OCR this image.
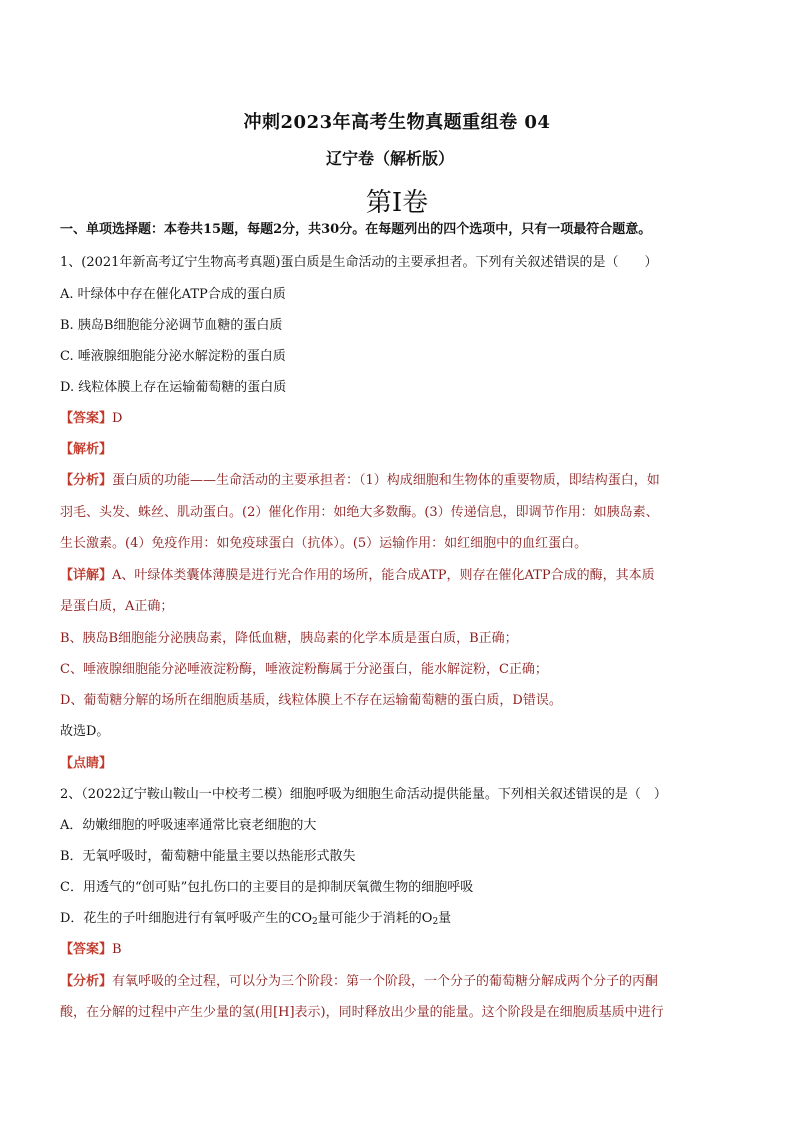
冲刺2023年高考生物真题重组卷 04
辽宁卷（解析版）
第I卷
一、单项选择题：本卷共15题，每题2分，共30分。在每题列出的四个选项中，只有一项最符合题意。
1、(2021年新高考辽宁生物高考真题)蛋白质是生命活动的主要承担者。下列有关叙述错误的是（　　）
A. 叶绿体中存在催化ATP合成的蛋白质
B. 胰岛B细胞能分泌调节血糖的蛋白质
C. 唾液腺细胞能分泌水解淀粉的蛋白质
D. 线粒体膜上存在运输葡萄糖的蛋白质
【答案】D
【解析】
【分析】蛋白质的功能——生命活动的主要承担者：（1）构成细胞和生物体的重要物质，即结构蛋白，如
羽毛、头发、蛛丝、肌动蛋白。(2）催化作用：如绝大多数酶。(3）传递信息，即调节作用：如胰岛素、
生长激素。(4）免疫作用：如免疫球蛋白（抗体）。(5）运输作用：如红细胞中的血红蛋白。
【详解】A、叶绿体类囊体薄膜是进行光合作用的场所，能合成ATP，则存在催化ATP合成的酶，其本质
是蛋白质，A正确；
B、胰岛B细胞能分泌胰岛素，降低血糖，胰岛素的化学本质是蛋白质，B正确；
C、唾液腺细胞能分泌唾液淀粉酶，唾液淀粉酶属于分泌蛋白，能水解淀粉，C正确；
D、葡萄糖分解的场所在细胞质基质，线粒体膜上不存在运输葡萄糖的蛋白质，D错误。
故选D。
【点睛】
2、（2022辽宁鞍山鞍山一中校考二模）细胞呼吸为细胞生命活动提供能量。下列相关叙述错误的是（　）
A．幼嫩细胞的呼吸速率通常比衰老细胞的大
B．无氧呼吸时，葡萄糖中能量主要以热能形式散失
C．用透气的“创可贴”包扎伤口的主要目的是抑制厌氧微生物的细胞呼吸
D．花生的子叶细胞进行有氧呼吸产生的$CO_2$量可能少于消耗的$O_2$量
【答案】B
【分析】有氧呼吸的全过程，可以分为三个阶段：第一个阶段，一个分子的葡萄糖分解成两个分子的丙酮
酸，在分解的过程中产生少量的氢(用[H]表示)，同时释放出少量的能量。这个阶段是在细胞质基质中进行
